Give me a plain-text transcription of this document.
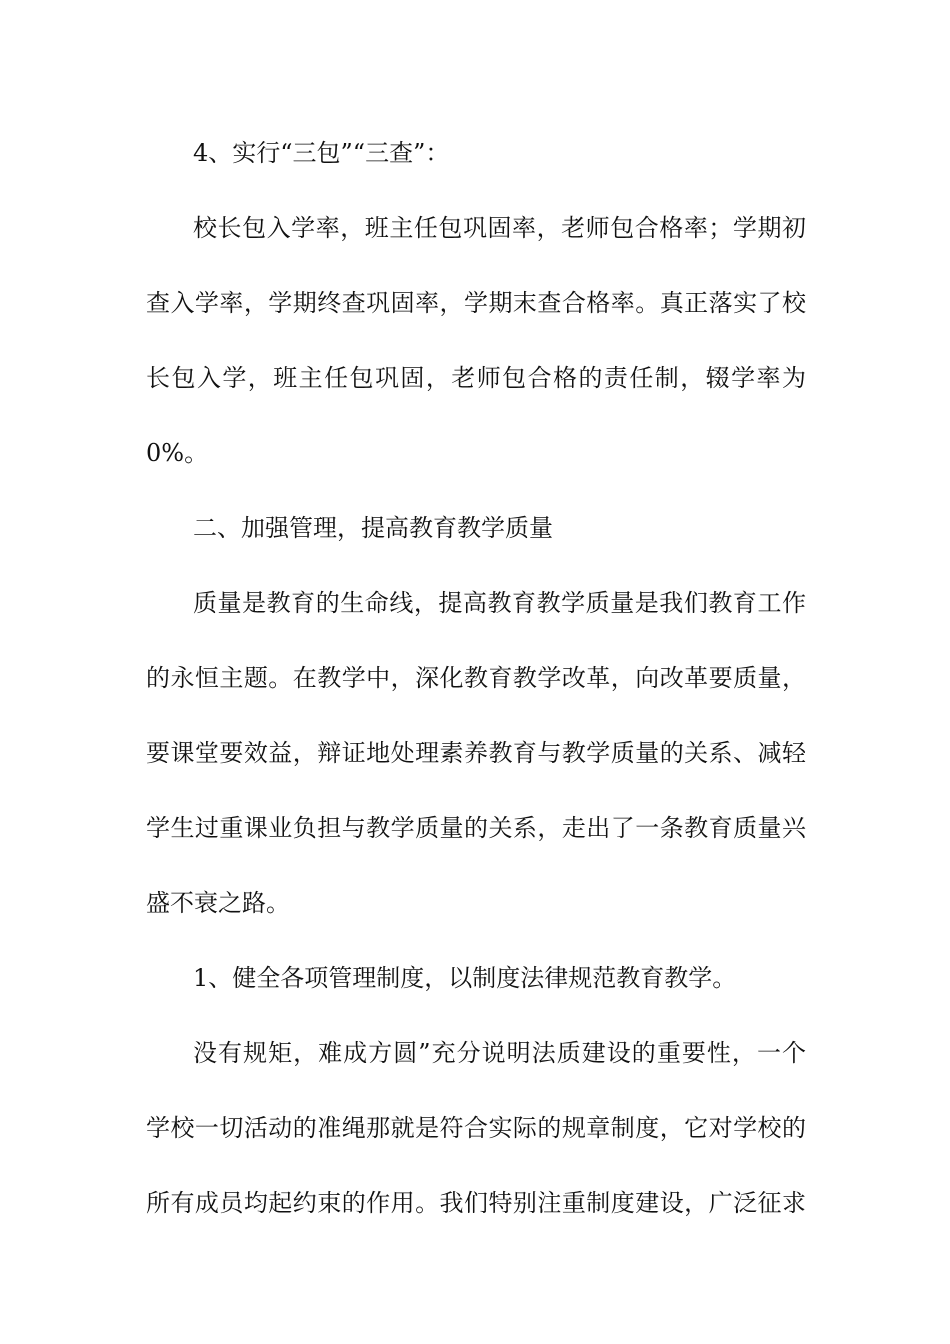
4、实行“三包”“三查”：
校长包入学率，班主任包巩固率，老师包合格率；学期初
查入学率，学期终查巩固率，学期末查合格率。真正落实了校
长包入学，班主任包巩固，老师包合格的责任制，辍学率为
0%。
二、加强管理，提高教育教学质量
质量是教育的生命线，提高教育教学质量是我们教育工作
的永恒主题。在教学中，深化教育教学改革，向改革要质量，
要课堂要效益，辩证地处理素养教育与教学质量的关系、减轻
学生过重课业负担与教学质量的关系，走出了一条教育质量兴
盛不衰之路。
1、健全各项管理制度，以制度法律规范教育教学。
没有规矩，难成方圆”充分说明法质建设的重要性，一个
学校一切活动的准绳那就是符合实际的规章制度，它对学校的
所有成员均起约束的作用。我们特别注重制度建设，广泛征求
